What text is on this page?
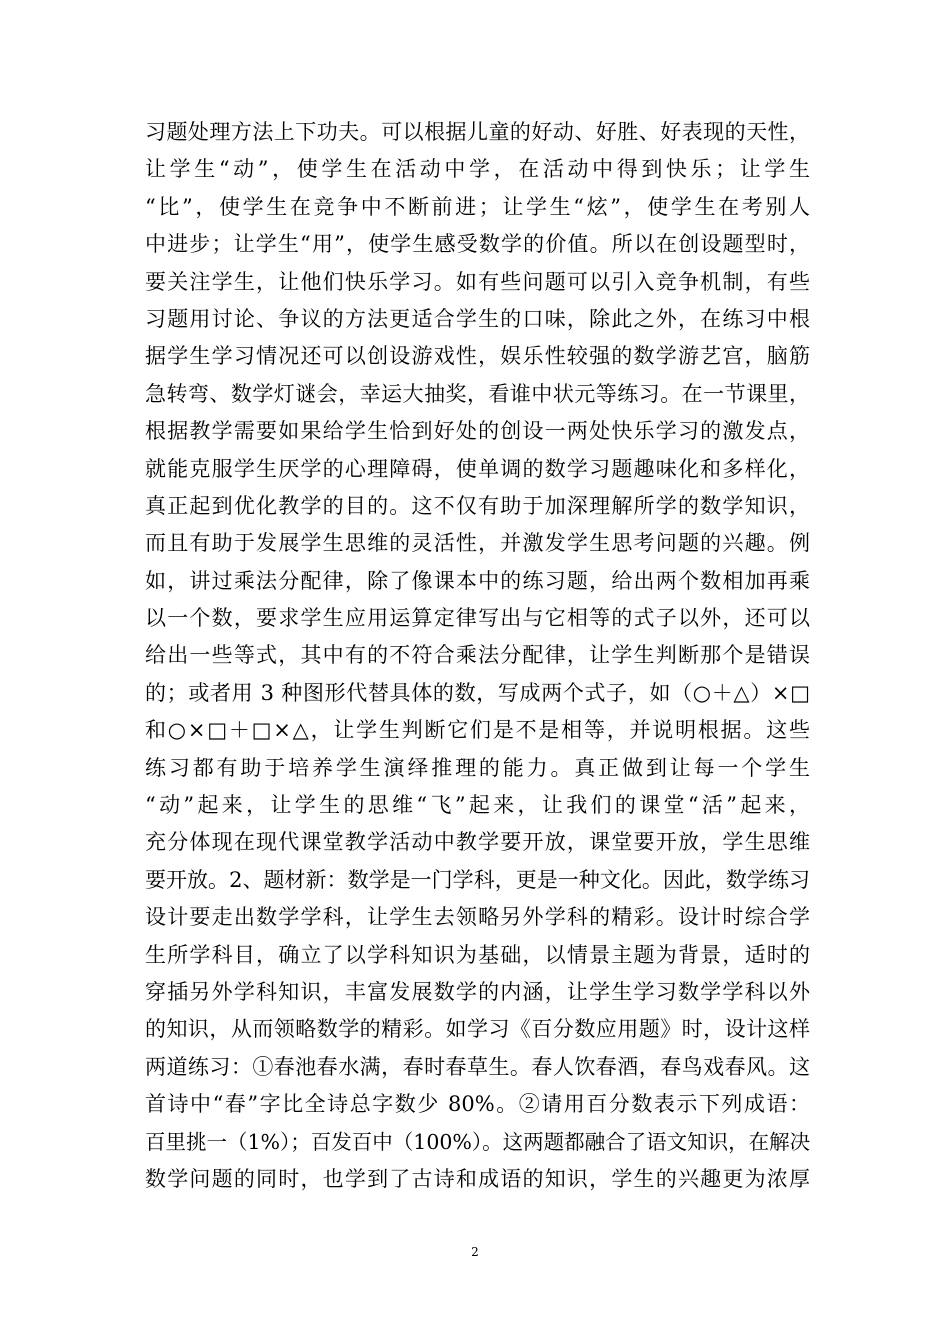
习题处理方法上下功夫。可以根据儿童的好动、好胜、好表现的天性，
让学生“动”，使学生在活动中学，在活动中得到快乐；让学生
“比”，使学生在竞争中不断前进；让学生“炫”，使学生在考别人
中进步；让学生“用”，使学生感受数学的价值。所以在创设题型时，
要关注学生，让他们快乐学习。如有些问题可以引入竞争机制，有些
习题用讨论、争议的方法更适合学生的口味，除此之外，在练习中根
据学生学习情况还可以创设游戏性，娱乐性较强的数学游艺宫，脑筋
急转弯、数学灯谜会，幸运大抽奖，看谁中状元等练习。在一节课里，
根据教学需要如果给学生恰到好处的创设一两处快乐学习的激发点，
就能克服学生厌学的心理障碍，使单调的数学习题趣味化和多样化，
真正起到优化教学的目的。这不仅有助于加深理解所学的数学知识，
而且有助于发展学生思维的灵活性，并激发学生思考问题的兴趣。例
如，讲过乘法分配律，除了像课本中的练习题，给出两个数相加再乘
以一个数，要求学生应用运算定律写出与它相等的式子以外，还可以
给出一些等式，其中有的不符合乘法分配律，让学生判断那个是错误
的；或者用 3 种图形代替具体的数，写成两个式子，如（○＋△）×□
和○×□＋□×△，让学生判断它们是不是相等，并说明根据。这些
练习都有助于培养学生演绎推理的能力。真正做到让每一个学生
“动”起来，让学生的思维“飞”起来，让我们的课堂“活”起来，
充分体现在现代课堂教学活动中教学要开放，课堂要开放，学生思维
要开放。2、题材新：数学是一门学科，更是一种文化。因此，数学练习
设计要走出数学学科，让学生去领略另外学科的精彩。设计时综合学
生所学科目，确立了以学科知识为基础，以情景主题为背景，适时的
穿插另外学科知识，丰富发展数学的内涵，让学生学习数学学科以外
的知识，从而领略数学的精彩。如学习《百分数应用题》时，设计这样
两道练习：①春池春水满，春时春草生。春人饮春酒，春鸟戏春风。这
首诗中“春”字比全诗总字数少 80%。②请用百分数表示下列成语：
百里挑一（1%）；百发百中（100%）。这两题都融合了语文知识，在解决
数学问题的同时，也学到了古诗和成语的知识，学生的兴趣更为浓厚
2
